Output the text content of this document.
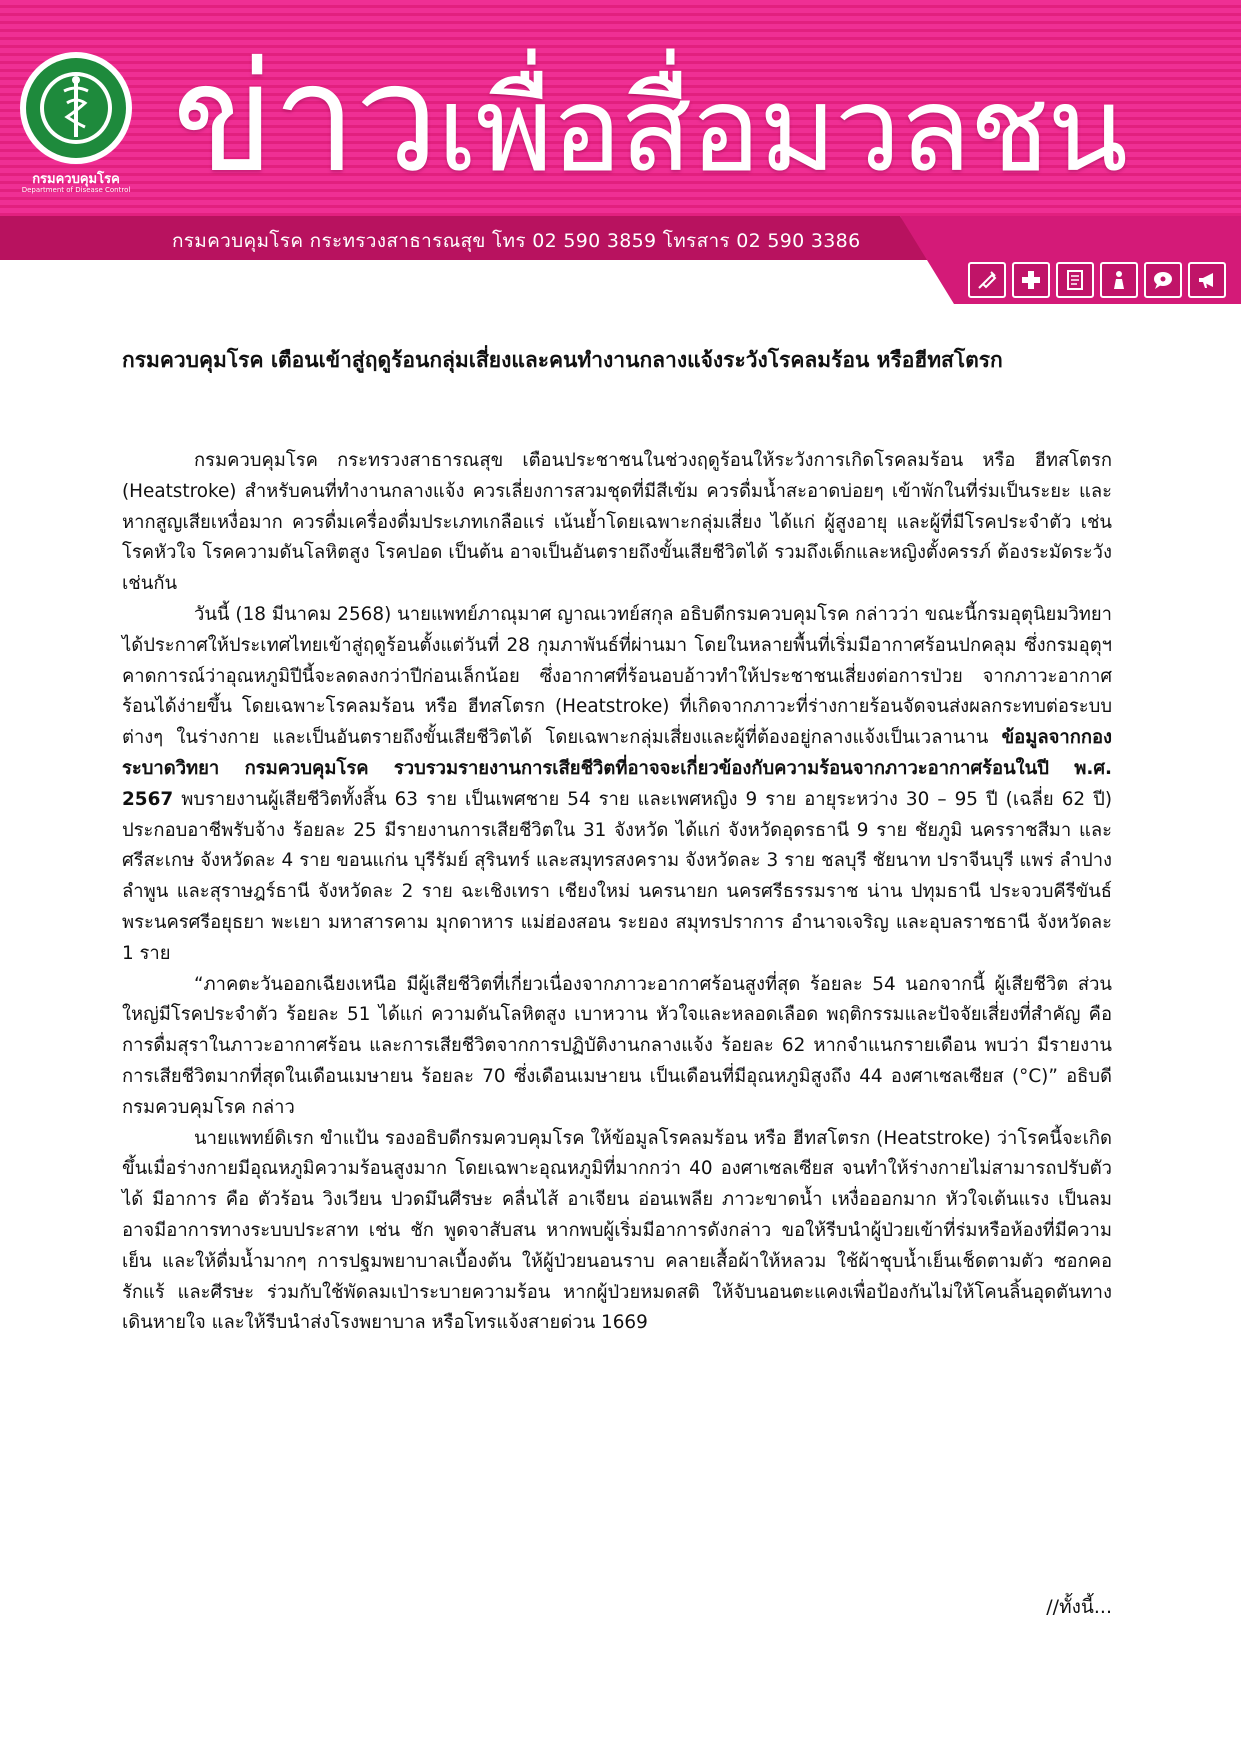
กรมควบคุมโรค
Department of Disease Control ข่าวเพื่อสื่อมวลชน
กรมควบคุมโรค กระทรวงสาธารณสุข โทร 02 590 3859 โทรสาร 02 590 3386
กรมควบคุมโรค เตือนเข้าสู่ฤดูร้อนกลุ่มเสี่ยงและคนทำงานกลางแจ้งระวังโรคลมร้อน หรือฮีทสโตรก

กรมควบคุมโรค กระทรวงสาธารณสุข เตือนประชาชนในช่วงฤดูร้อนให้ระวังการเกิดโรคลมร้อน หรือ ฮีทสโตรก (Heatstroke) สำหรับคนที่ทำงานกลางแจ้ง ควรเลี่ยงการสวมชุดที่มีสีเข้ม ควรดื่มน้ำสะอาดบ่อยๆ เข้าพักในที่ร่มเป็นระยะ และหากสูญเสียเหงื่อมาก ควรดื่มเครื่องดื่มประเภทเกลือแร่ เน้นย้ำโดยเฉพาะกลุ่มเสี่ยง ได้แก่ ผู้สูงอายุ และผู้ที่มีโรคประจำตัว เช่น โรคหัวใจ โรคความดันโลหิตสูง โรคปอด เป็นต้น อาจเป็นอันตรายถึงขั้นเสียชีวิตได้ รวมถึงเด็กและหญิงตั้งครรภ์ ต้องระมัดระวังเช่นกัน

วันนี้ (18 มีนาคม 2568) นายแพทย์ภาณุมาศ ญาณเวทย์สกุล อธิบดีกรมควบคุมโรค กล่าวว่า ขณะนี้กรมอุตุนิยมวิทยาได้ประกาศให้ประเทศไทยเข้าสู่ฤดูร้อนตั้งแต่วันที่ 28 กุมภาพันธ์ที่ผ่านมา โดยในหลายพื้นที่เริ่มมีอากาศร้อนปกคลุม ซึ่งกรมอุตุฯ คาดการณ์ว่าอุณหภูมิปีนี้จะลดลงกว่าปีก่อนเล็กน้อย ซึ่งอากาศที่ร้อนอบอ้าวทำให้ประชาชนเสี่ยงต่อการป่วย จากภาวะอากาศร้อนได้ง่ายขึ้น โดยเฉพาะโรคลมร้อน หรือ ฮีทสโตรก (Heatstroke) ที่เกิดจากภาวะที่ร่างกายร้อนจัดจนส่งผลกระทบต่อระบบต่างๆ ในร่างกาย และเป็นอันตรายถึงขั้นเสียชีวิตได้ โดยเฉพาะกลุ่มเสี่ยงและผู้ที่ต้องอยู่กลางแจ้งเป็นเวลานาน ข้อมูลจากกองระบาดวิทยา กรมควบคุมโรค รวบรวมรายงานการเสียชีวิตที่อาจจะเกี่ยวข้องกับความร้อนจากภาวะอากาศร้อนในปี พ.ศ. 2567 พบรายงานผู้เสียชีวิตทั้งสิ้น 63 ราย เป็นเพศชาย 54 ราย และเพศหญิง 9 ราย อายุระหว่าง 30 – 95 ปี (เฉลี่ย 62 ปี) ประกอบอาชีพรับจ้าง ร้อยละ 25 มีรายงานการเสียชีวิตใน 31 จังหวัด ได้แก่ จังหวัดอุดรธานี 9 ราย ชัยภูมิ นครราชสีมา และศรีสะเกษ จังหวัดละ 4 ราย ขอนแก่น บุรีรัมย์ สุรินทร์ และสมุทรสงคราม จังหวัดละ 3 ราย ชลบุรี ชัยนาท ปราจีนบุรี แพร่ ลำปาง ลำพูน และสุราษฎร์ธานี จังหวัดละ 2 ราย ฉะเชิงเทรา เชียงใหม่ นครนายก นครศรีธรรมราช น่าน ปทุมธานี ประจวบคีรีขันธ์ พระนครศรีอยุธยา พะเยา มหาสารคาม มุกดาหาร แม่ฮ่องสอน ระยอง สมุทรปราการ อำนาจเจริญ และอุบลราชธานี จังหวัดละ 1 ราย

“ภาคตะวันออกเฉียงเหนือ มีผู้เสียชีวิตที่เกี่ยวเนื่องจากภาวะอากาศร้อนสูงที่สุด ร้อยละ 54 นอกจากนี้ ผู้เสียชีวิต ส่วนใหญ่มีโรคประจำตัว ร้อยละ 51 ได้แก่ ความดันโลหิตสูง เบาหวาน หัวใจและหลอดเลือด พฤติกรรมและปัจจัยเสี่ยงที่สำคัญ คือ การดื่มสุราในภาวะอากาศร้อน และการเสียชีวิตจากการปฏิบัติงานกลางแจ้ง ร้อยละ 62 หากจำแนกรายเดือน พบว่า มีรายงานการเสียชีวิตมากที่สุดในเดือนเมษายน ร้อยละ 70 ซึ่งเดือนเมษายน เป็นเดือนที่มีอุณหภูมิสูงถึง 44 องศาเซลเซียส (°C)” อธิบดีกรมควบคุมโรค กล่าว

นายแพทย์ดิเรก ขำแป้น รองอธิบดีกรมควบคุมโรค ให้ข้อมูลโรคลมร้อน หรือ ฮีทสโตรก (Heatstroke) ว่าโรคนี้จะเกิดขึ้นเมื่อร่างกายมีอุณหภูมิความร้อนสูงมาก โดยเฉพาะอุณหภูมิที่มากกว่า 40 องศาเซลเซียส จนทำให้ร่างกายไม่สามารถปรับตัวได้ มีอาการ คือ ตัวร้อน วิงเวียน ปวดมึนศีรษะ คลื่นไส้ อาเจียน อ่อนเพลีย ภาวะขาดน้ำ เหงื่อออกมาก หัวใจเต้นแรง เป็นลม อาจมีอาการทางระบบประสาท เช่น ชัก พูดจาสับสน หากพบผู้เริ่มมีอาการดังกล่าว ขอให้รีบนำผู้ป่วยเข้าที่ร่มหรือห้องที่มีความเย็น และให้ดื่มน้ำมากๆ การปฐมพยาบาลเบื้องต้น ให้ผู้ป่วยนอนราบ คลายเสื้อผ้าให้หลวม ใช้ผ้าชุบน้ำเย็นเช็ดตามตัว ซอกคอ รักแร้ และศีรษะ ร่วมกับใช้พัดลมเป่าระบายความร้อน หากผู้ป่วยหมดสติ ให้จับนอนตะแคงเพื่อป้องกันไม่ให้โคนลิ้นอุดตันทางเดินหายใจ และให้รีบนำส่งโรงพยาบาล หรือโทรแจ้งสายด่วน 1669

//ทั้งนี้...
